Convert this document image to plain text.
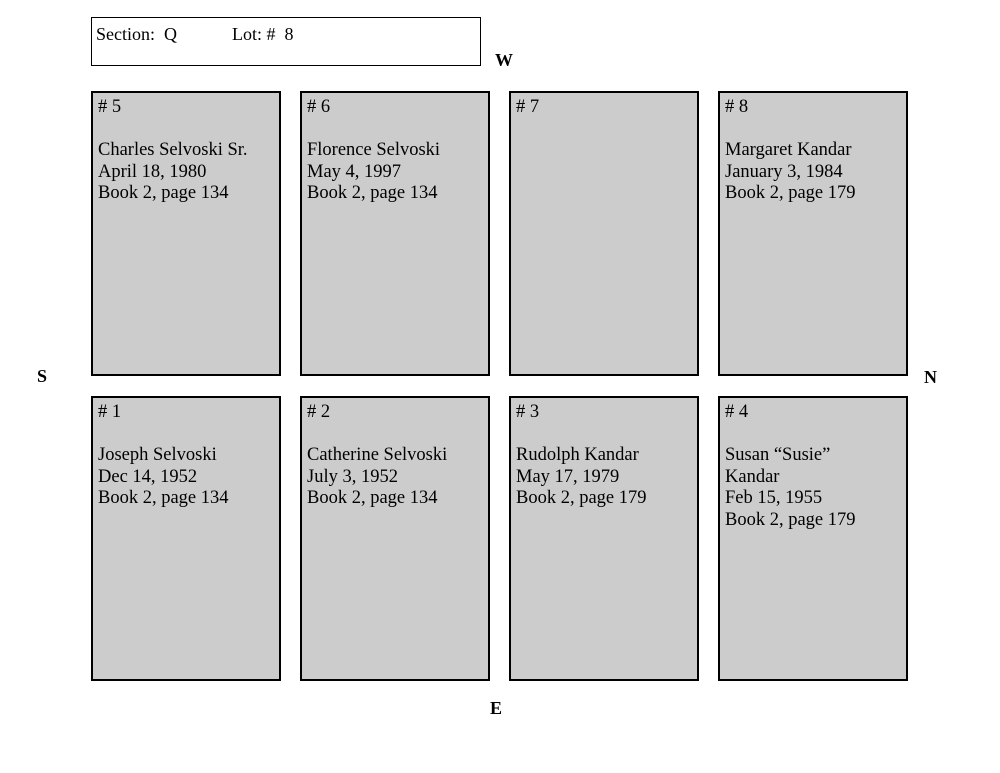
Section:  Q	Lot: #  8
W
E
S	N
# 5
Charles Selvoski Sr.
April 18, 1980
Book 2, page 134
# 6
Florence Selvoski
May 4, 1997
Book 2, page 134
# 7	# 8
Margaret Kandar
January 3, 1984
Book 2, page 179
# 1
Joseph Selvoski
Dec 14, 1952
Book 2, page 134
# 2
Catherine Selvoski
July 3, 1952
Book 2, page 134
# 3
Rudolph Kandar
May 17, 1979
Book 2, page 179
# 4
Susan “Susie”
Kandar
Feb 15, 1955
Book 2, page 179
